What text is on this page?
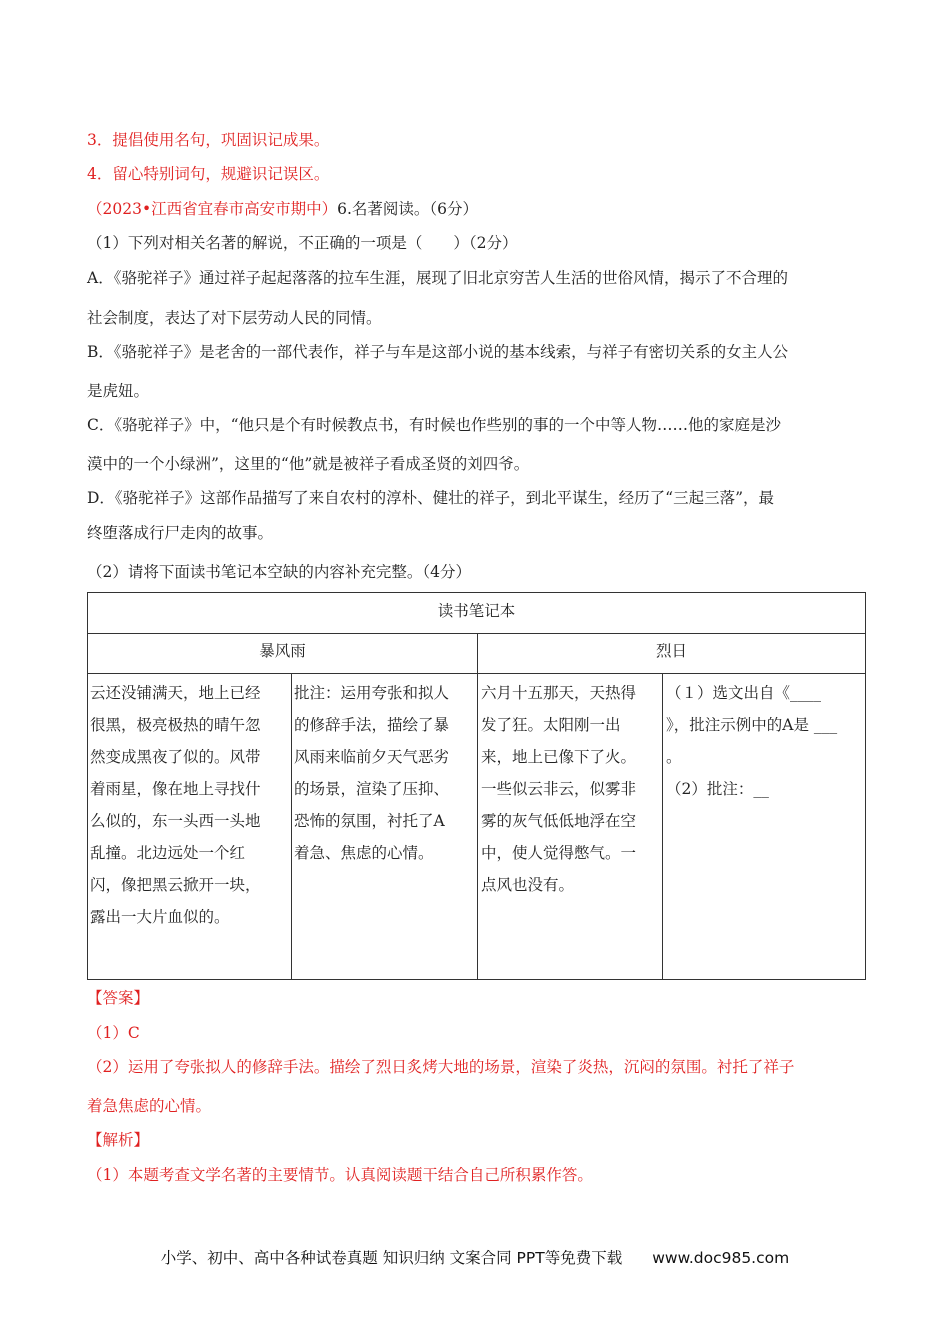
3．提倡使用名句，巩固识记成果。
4．留心特别词句，规避识记误区。
（2023•江西省宜春市高安市期中）6.名著阅读。（6分）
（1）下列对相关名著的解说，不正确的一项是（　　）（2分）
A．《骆驼祥子》通过祥子起起落落的拉车生涯，展现了旧北京穷苦人生活的世俗风情，揭示了不合理的
社会制度，表达了对下层劳动人民的同情。
B．《骆驼祥子》是老舍的一部代表作，祥子与车是这部小说的基本线索，与祥子有密切关系的女主人公
是虎妞。
C．《骆驼祥子》中，“他只是个有时候教点书，有时候也作些别的事的一个中等人物……他的家庭是沙
漠中的一个小绿洲”，这里的“他”就是被祥子看成圣贤的刘四爷。
D．《骆驼祥子》这部作品描写了来自农村的淳朴、健壮的祥子，到北平谋生，经历了“三起三落”，最
终堕落成行尸走肉的故事。
（2）请将下面读书笔记本空缺的内容补充完整。（4分）
读书笔记本
暴风雨	烈日
云还没铺满天，地上已经
很黑，极亮极热的晴午忽
然变成黑夜了似的。风带
着雨星，像在地上寻找什
么似的，东一头西一头地
乱撞。北边远处一个红
闪，像把黑云掀开一块，
露出一大片血似的。
批注：运用夸张和拟人
的修辞手法，描绘了暴
风雨来临前夕天气恶劣
的场景，渲染了压抑、
恐怖的氛围，衬托了A
着急、焦虑的心情。
六月十五那天，天热得
发了狂。太阳刚一出
来，地上已像下了火。
一些似云非云，似雾非
雾的灰气低低地浮在空
中，使人觉得憋气。一
点风也没有。
（１）选文出自《____
》，批注示例中的A是 ___
。
（2）批注：__
【答案】
（1）C
（2）运用了夸张拟人的修辞手法。描绘了烈日炙烤大地的场景，渲染了炎热，沉闷的氛围。衬托了祥子
着急焦虑的心情。
【解析】
（1）本题考查文学名著的主要情节。认真阅读题干结合自己所积累作答。
小学、初中、高中各种试卷真题 知识归纳 文案合同 PPT等免费下载 www.doc985.com
